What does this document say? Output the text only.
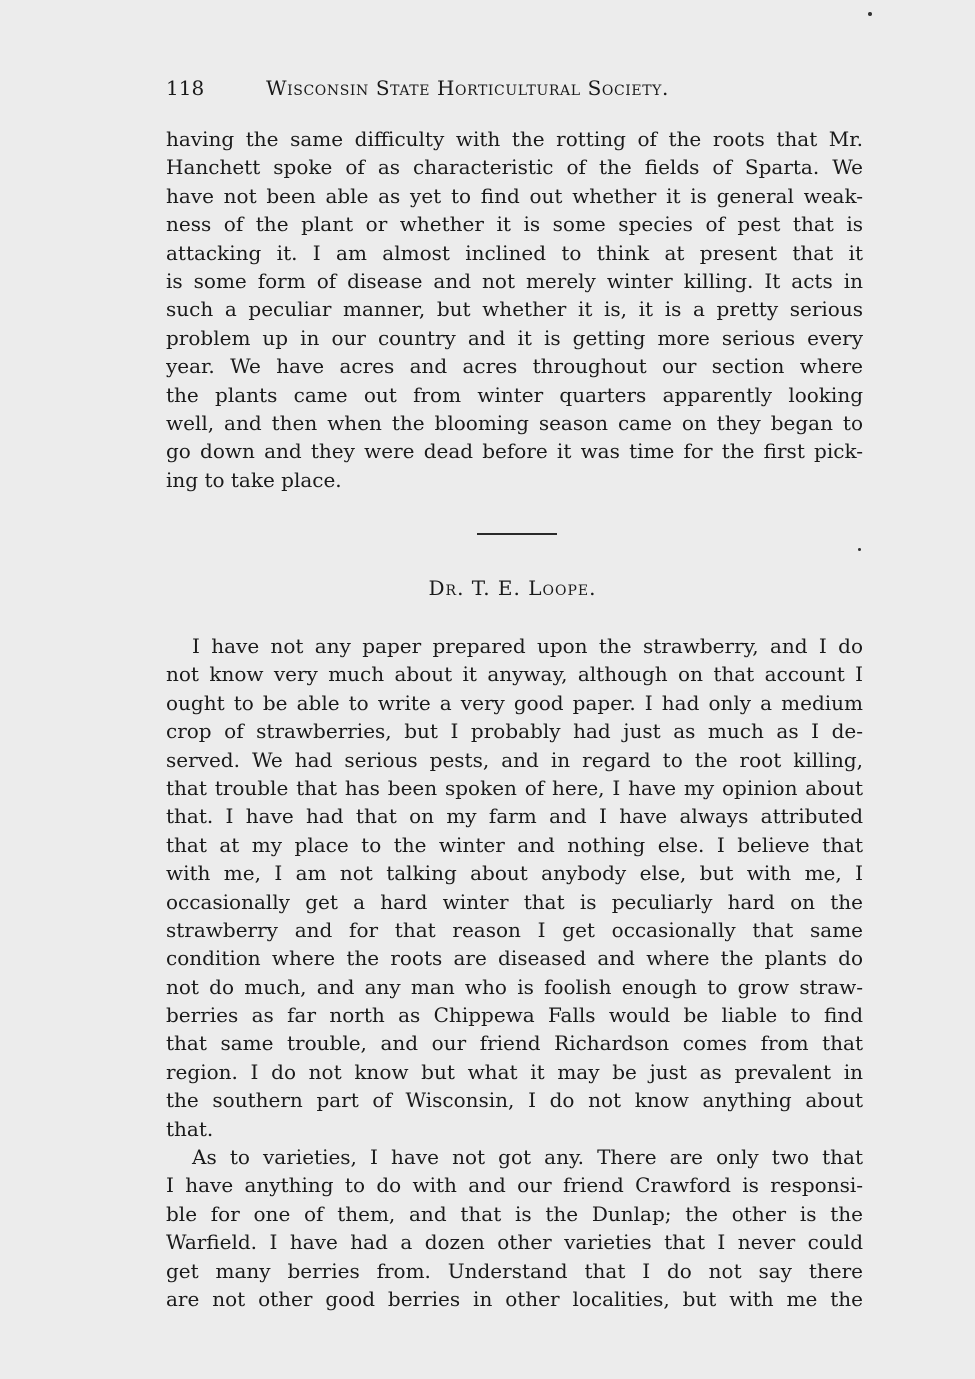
118	Wisconsin State Horticultural Society.
having the same difficulty with the rotting of the roots that Mr.
Hanchett spoke of as characteristic of the fields of Sparta. We
have not been able as yet to find out whether it is general weak-
ness of the plant or whether it is some species of pest that is
attacking it. I am almost inclined to think at present that it
is some form of disease and not merely winter killing. It acts in
such a peculiar manner, but whether it is, it is a pretty serious
problem up in our country and it is getting more serious every
year. We have acres and acres throughout our section where
the plants came out from winter quarters apparently looking
well, and then when the blooming season came on they began to
go down and they were dead before it was time for the first pick-
ing to take place.
Dr. T. E. Loope.
I have not any paper prepared upon the strawberry, and I do
not know very much about it anyway, although on that account I
ought to be able to write a very good paper. I had only a medium
crop of strawberries, but I probably had just as much as I de-
served. We had serious pests, and in regard to the root killing,
that trouble that has been spoken of here, I have my opinion about
that. I have had that on my farm and I have always attributed
that at my place to the winter and nothing else. I believe that
with me, I am not talking about anybody else, but with me, I
occasionally get a hard winter that is peculiarly hard on the
strawberry and for that reason I get occasionally that same
condition where the roots are diseased and where the plants do
not do much, and any man who is foolish enough to grow straw-
berries as far north as Chippewa Falls would be liable to find
that same trouble, and our friend Richardson comes from that
region. I do not know but what it may be just as prevalent in
the southern part of Wisconsin, I do not know anything about
that.
As to varieties, I have not got any. There are only two that
I have anything to do with and our friend Crawford is responsi-
ble for one of them, and that is the Dunlap; the other is the
Warfield. I have had a dozen other varieties that I never could
get many berries from. Understand that I do not say there
are not other good berries in other localities, but with me the
